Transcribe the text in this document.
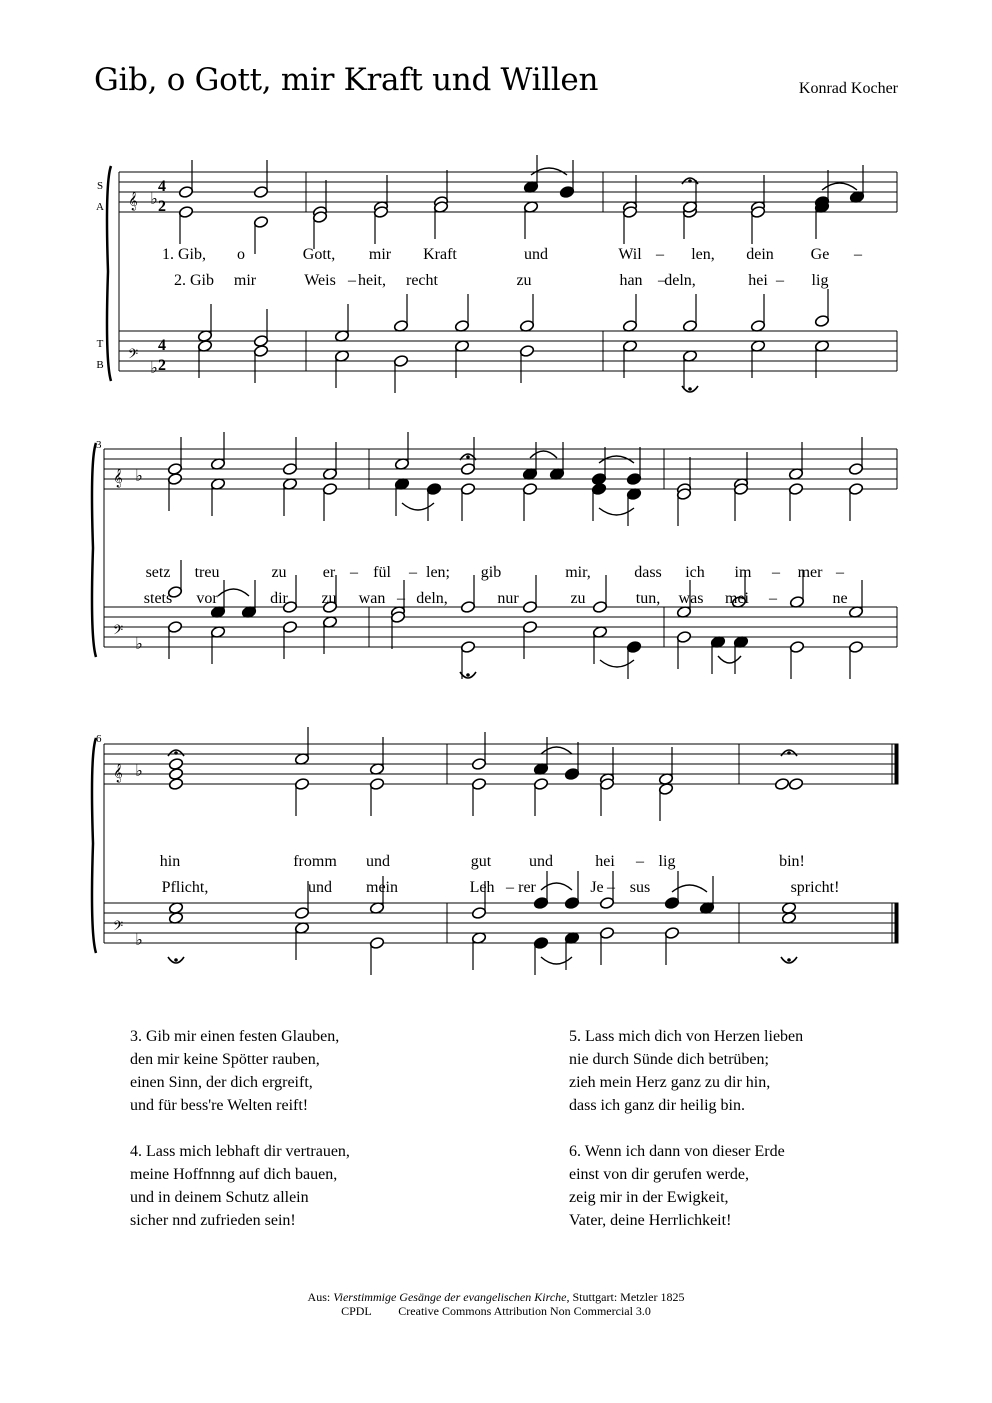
Gib, o Gott, mir Kraft und Willen	Konrad Kocher
𝄞
𝄢
♭
♭
𝄞
𝄢
♭
♭
𝄞
𝄢
♭
♭
4
2
4
2
1. Gib, o	Gott, mir Kraft	und	Wil – len, dein Ge –
2. Gib mir	Weis – heit, recht	zu	han –
deln,	hei – lig
setz treu	zu er – fül – len; gib	mir,	dass ich im – mer –
stets vor	dir zu wan – deln,	nur	zu	tun, was mei –	ne
hin	fromm und	gut und	hei – lig	bin!
Pflicht,	und mein	Leh – rer	Je – sus	spricht!
S
A
T
B
3
6
3. Gib mir einen festen Glauben,
den mir keine Spötter rauben,
einen Sinn, der dich ergreift,
und für bess're Welten reift!
4. Lass mich lebhaft dir vertrauen,
meine Hoffnnng auf dich bauen,
und in deinem Schutz allein
sicher nnd zufrieden sein!
5. Lass mich dich von Herzen lieben
nie durch Sünde dich betrüben;
zieh mein Herz ganz zu dir hin,
dass ich ganz dir heilig bin.
6. Wenn ich dann von dieser Erde
einst von dir gerufen werde,
zeig mir in der Ewigkeit,
Vater, deine Herrlichkeit!
Aus: Vierstimmige Gesänge der evangelischen Kirche, Stuttgart: Metzler 1825
CPDL Creative Commons Attribution Non Commercial 3.0
